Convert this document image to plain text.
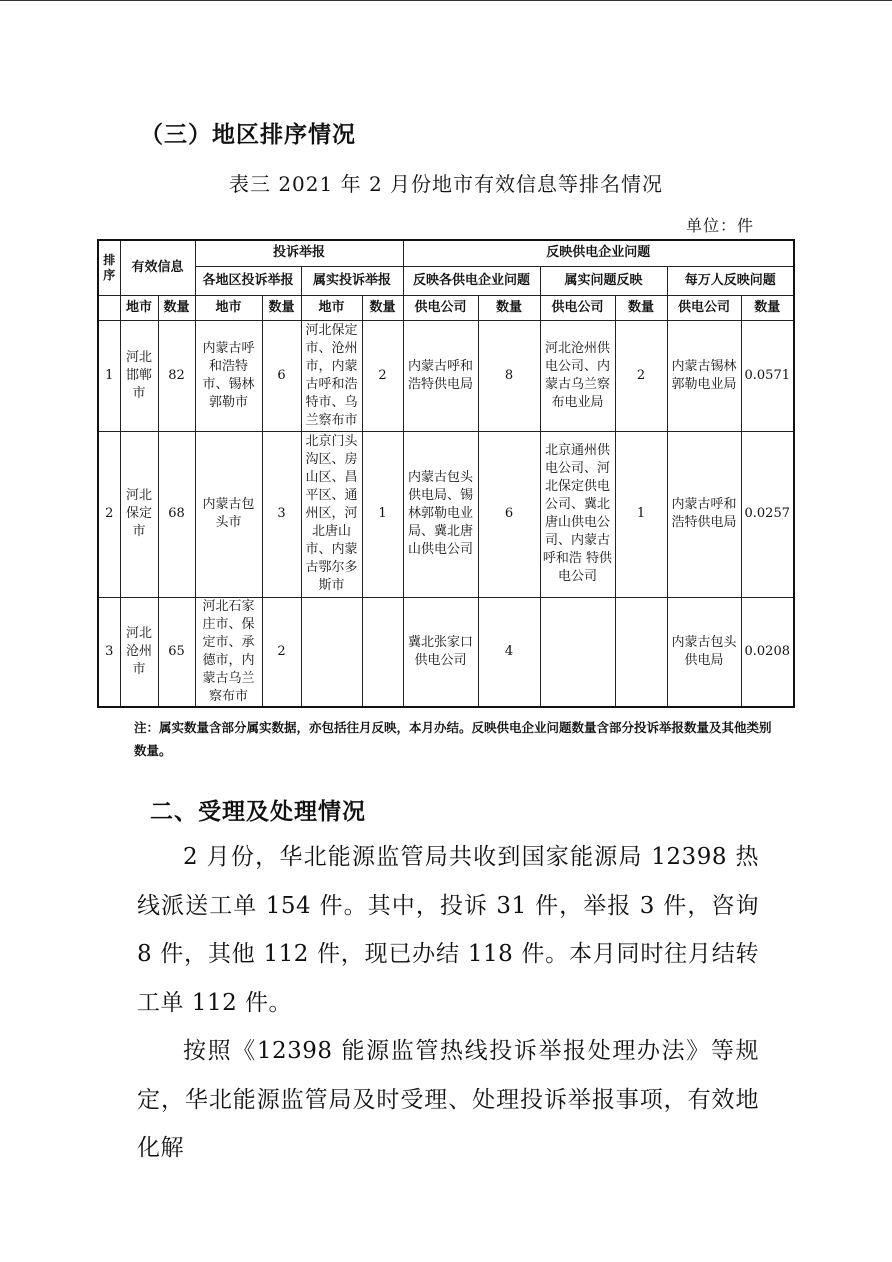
（三）地区排序情况
表三 2021 年 2 月份地市有效信息等排名情况
单位：件
排序	有效信息		投诉举报				反映供电企业问题					
			各地区投诉举报		属实投诉举报		反映各供电企业问题		属实问题反映		每万人反映问题	
	地市	数量	地市	数量	地市	数量	供电公司	数量	供电公司	数量	供电公司	数量
1	河北邯郸市	82	内蒙古呼和浩特市、锡林郭勒市	6	河北保定市、沧州市，内蒙古呼和浩特市、乌兰察布市	2	内蒙古呼和浩特供电局	8	河北沧州供电公司、内蒙古乌兰察布电业局	2	内蒙古锡林郭勒电业局	0.0571
2	河北保定市	68	内蒙古包头市	3	北京门头沟区、房山区、昌平区、通州区，河北唐山市、内蒙古鄂尔多斯市	1	内蒙古包头供电局、锡林郭勒电业局、冀北唐山供电公司	6	北京通州供电公司、河北保定供电公司、冀北唐山供电公司、内蒙古呼和浩 特供电公司	1	内蒙古呼和浩特供电局	0.0257
3	河北沧州市	65	河北石家庄市、保定市、承德市，内蒙古乌兰察布市	2			冀北张家口供电公司	4			内蒙古包头供电局	0.0208
注：属实数量含部分属实数据，亦包括往月反映，本月办结。反映供电企业问题数量含部分投诉举报数量及其他类别数量。
二、受理及处理情况
2 月份，华北能源监管局共收到国家能源局 12398 热线派送工单 154 件。其中，投诉 31 件，举报 3 件，咨询 8 件，其他 112 件，现已办结 118 件。本月同时往月结转工单 112 件。
按照《12398 能源监管热线投诉举报处理办法》等规定，华北能源监管局及时受理、处理投诉举报事项，有效地化解
